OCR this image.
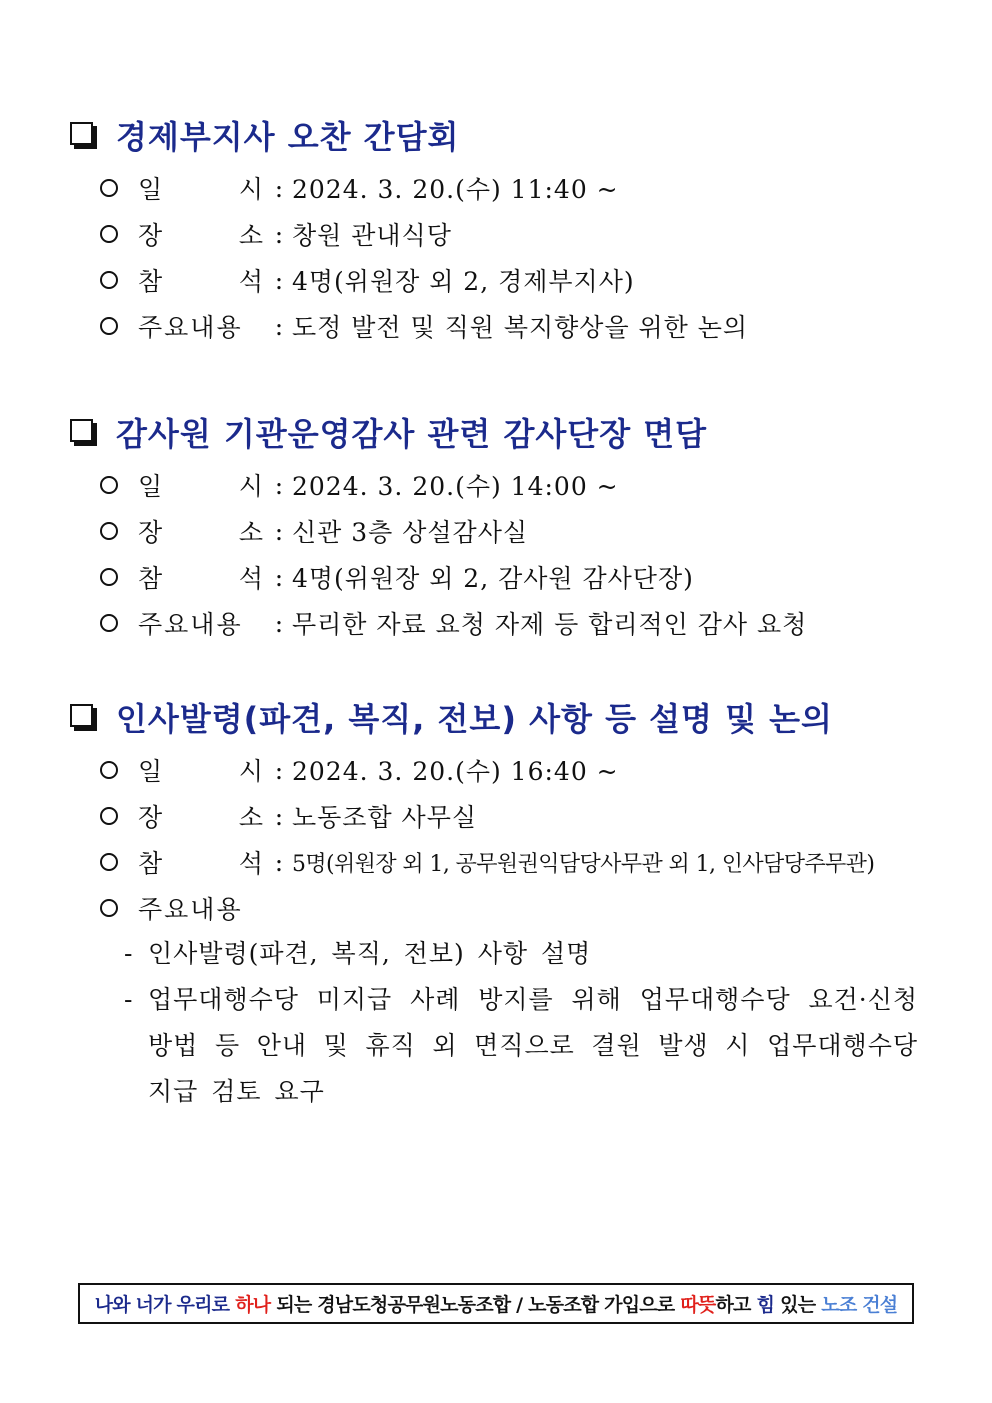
경제부지사 오찬 간담회
일 시 : 2024. 3. 20.(수) 11:40 ~
장 소 : 창원 관내식당
참 석 : 4명(위원장 외 2, 경제부지사)
주요내용	: 도정 발전 및 직원 복지향상을 위한 논의
감사원 기관운영감사 관련 감사단장 면담
일 시 : 2024. 3. 20.(수) 14:00 ~
장 소 : 신관 3층 상설감사실
참 석 : 4명(위원장 외 2, 감사원 감사단장)
주요내용	: 무리한 자료 요청 자제 등 합리적인 감사 요청
인사발령(파견, 복직, 전보) 사항 등 설명 및 논의
일 시 : 2024. 3. 20.(수) 16:40 ~
장 소 : 노동조합 사무실
참 석 : 5명(위원장 외 1, 공무원권익담당사무관 외 1, 인사담당주무관)
주요내용
- 인사발령(파견, 복직, 전보) 사항 설명
- 업무대행수당 미지급 사례 방지를 위해 업무대행수당 요건·신청 방법 등 안내 및 휴직 외 면직으로 결원 발생 시 업무대행수당 지급 검토 요구
나와 너가 우리로 하나 되는 경남도청공무원노동조합 / 노동조합 가입으로 따뜻 하고 힘 있는 노조 건설
